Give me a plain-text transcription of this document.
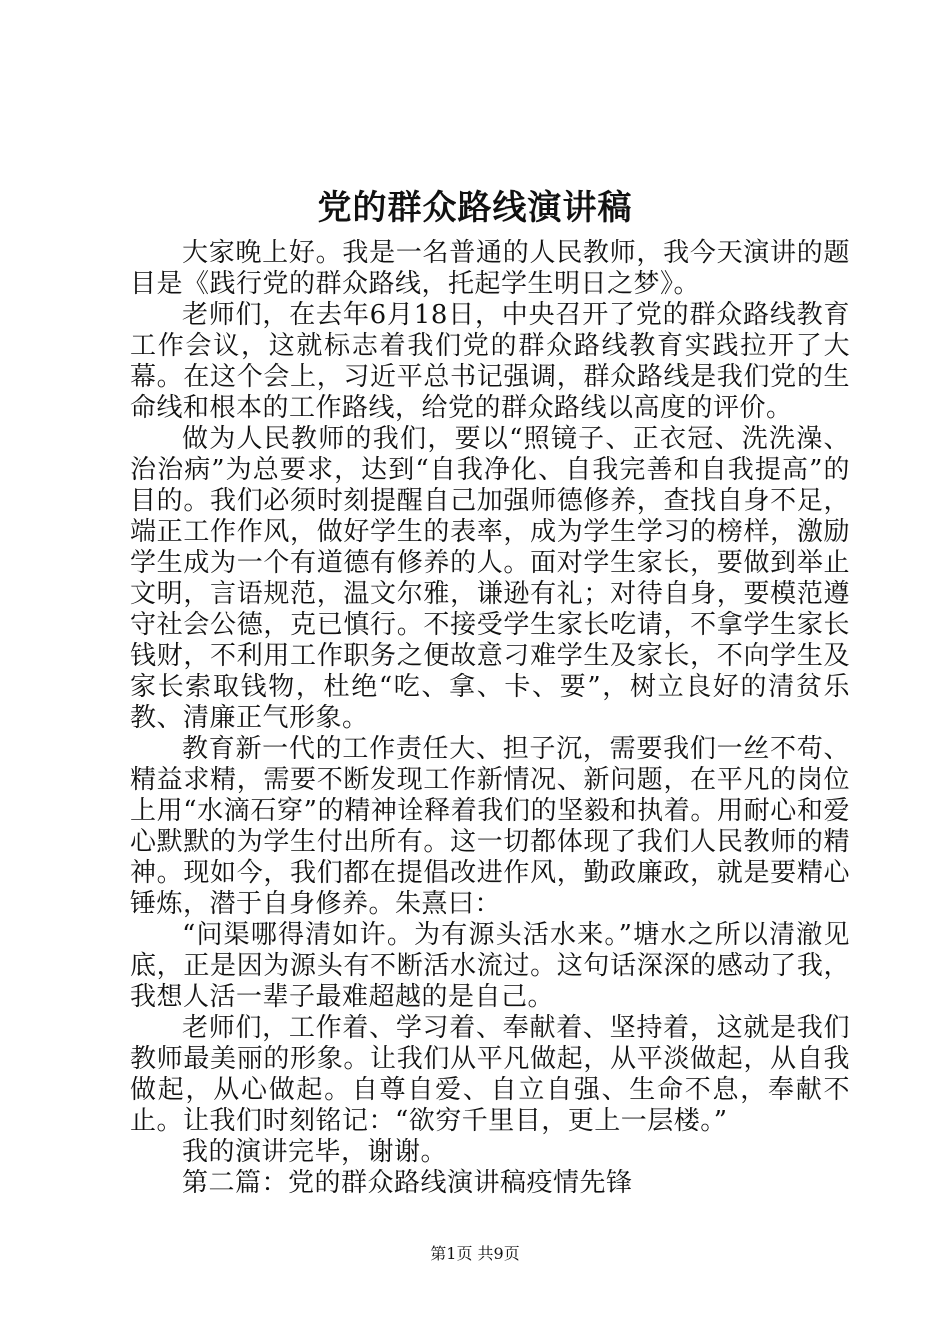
党的群众路线演讲稿

大家晚上好。我是一名普通的人民教师，我今天演讲的题目是《践行党的群众路线，托起学生明日之梦》。

老师们，在去年6月18日，中央召开了党的群众路线教育工作会议，这就标志着我们党的群众路线教育实践拉开了大幕。在这个会上，习近平总书记强调，群众路线是我们党的生命线和根本的工作路线，给党的群众路线以高度的评价。

做为人民教师的我们，要以“照镜子、正衣冠、洗洗澡、治治病”为总要求，达到“自我净化、自我完善和自我提高”的目的。我们必须时刻提醒自己加强师德修养，查找自身不足，端正工作作风，做好学生的表率，成为学生学习的榜样，激励学生成为一个有道德有修养的人。面对学生家长，要做到举止文明，言语规范，温文尔雅，谦逊有礼；对待自身，要模范遵守社会公德，克已慎行。不接受学生家长吃请，不拿学生家长钱财，不利用工作职务之便故意刁难学生及家长，不向学生及家长索取钱物，杜绝“吃、拿、卡、要”，树立良好的清贫乐教、清廉正气形象。

教育新一代的工作责任大、担子沉，需要我们一丝不苟、精益求精，需要不断发现工作新情况、新问题，在平凡的岗位上用“水滴石穿”的精神诠释着我们的坚毅和执着。用耐心和爱心默默的为学生付出所有。这一切都体现了我们人民教师的精神。现如今，我们都在提倡改进作风，勤政廉政，就是要精心锤炼，潜于自身修养。朱熹曰：

“问渠哪得清如许。为有源头活水来。”塘水之所以清澈见底，正是因为源头有不断活水流过。这句话深深的感动了我，我想人活一辈子最难超越的是自己。

老师们，工作着、学习着、奉献着、坚持着，这就是我们教师最美丽的形象。让我们从平凡做起，从平淡做起，从自我做起，从心做起。自尊自爱、自立自强、生命不息，奉献不止。让我们时刻铭记：“欲穷千里目，更上一层楼。”

我的演讲完毕，谢谢。

第二篇：党的群众路线演讲稿疫情先锋

第1页 共9页
